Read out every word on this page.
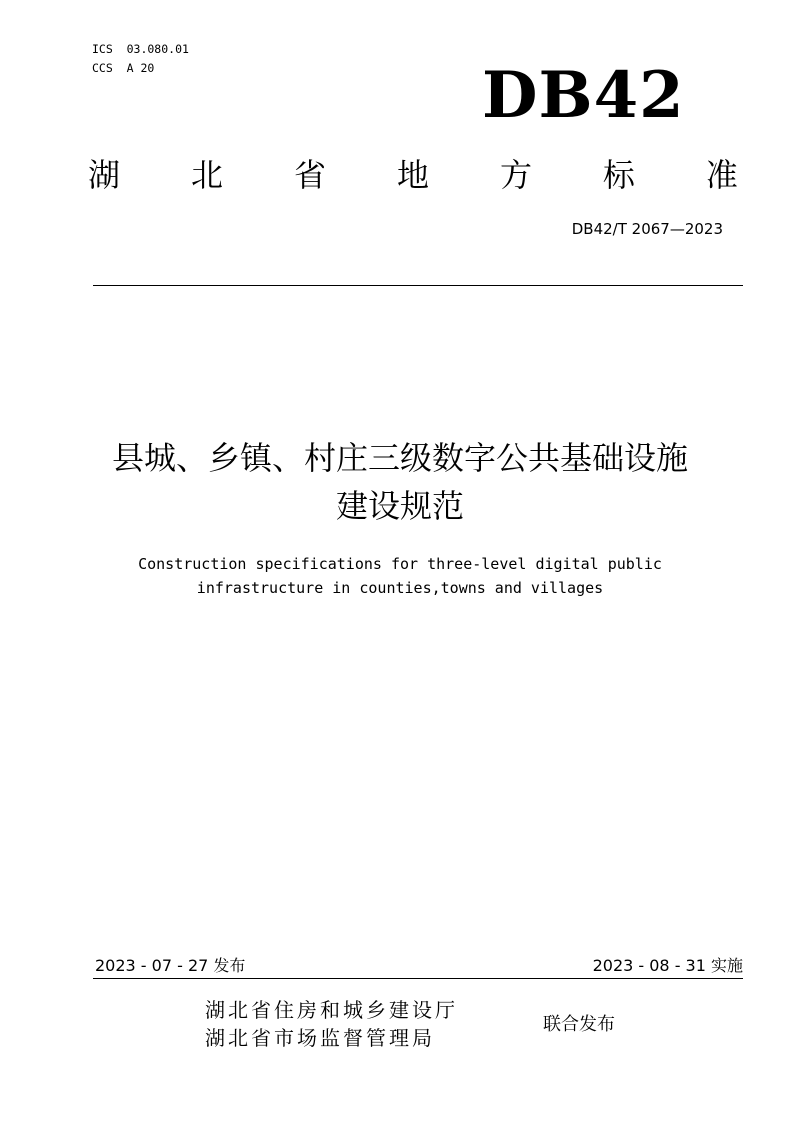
ICS  03.080.01
CCS  A 20	DB42
湖 北 省 地 方 标 准
DB42/T 2067—2023
县城、乡镇、村庄三级数字公共基础设施
建设规范
Construction specifications for three-level digital public
infrastructure in counties,towns and villages
2023 - 07 - 27 发布	2023 - 08 - 31 实施
湖北省住房和城乡建设厅
湖北省市场监督管理局
联合发布
